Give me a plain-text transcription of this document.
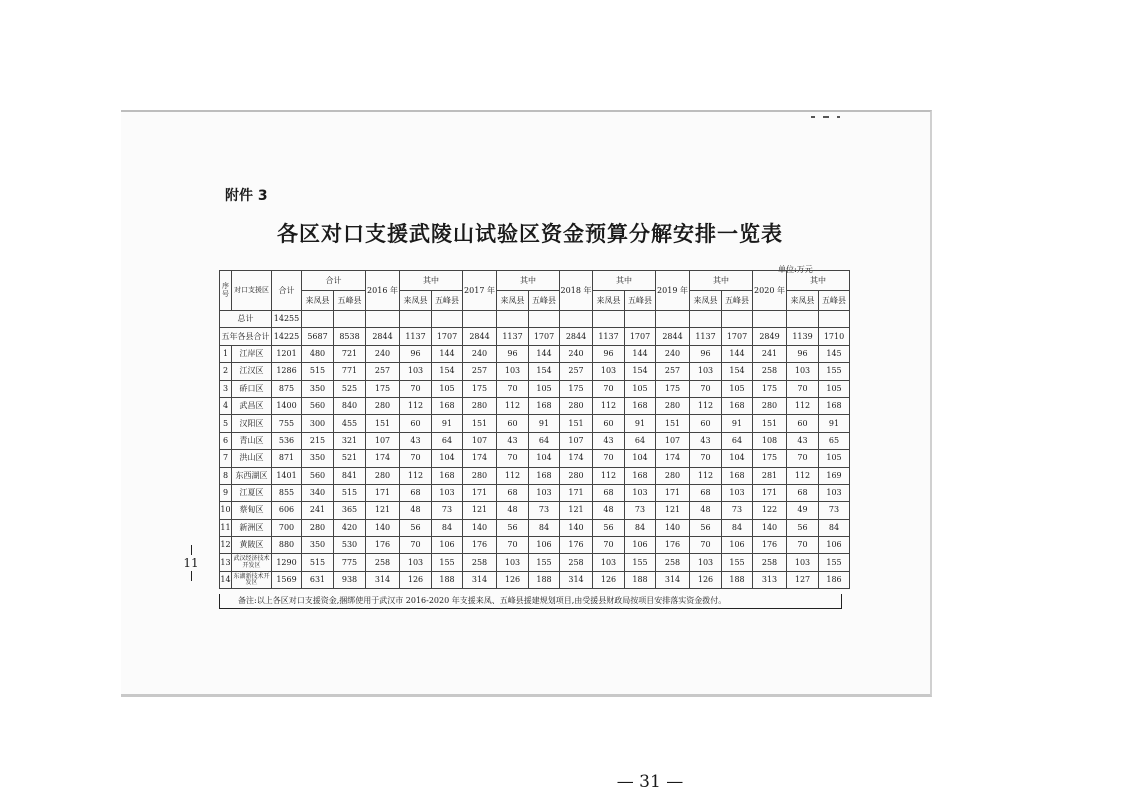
附件 3
各区对口支援武陵山试验区资金预算分解安排一览表
单位:万元
11
序号	对口支援区	合计	合计		2016 年	其中		2017 年	其中		2018 年	其中		2019 年	其中		2020 年	其中	
			来凤县	五峰县		来凤县	五峰县		来凤县	五峰县		来凤县	五峰县		来凤县	五峰县		来凤县	五峰县
总计		14255																	
五年各县合计		14225	5687	8538	2844	1137	1707	2844	1137	1707	2844	1137	1707	2844	1137	1707	2849	1139	1710
1	江岸区	1201	480	721	240	96	144	240	96	144	240	96	144	240	96	144	241	96	145
2	江汉区	1286	515	771	257	103	154	257	103	154	257	103	154	257	103	154	258	103	155
3	硚口区	875	350	525	175	70	105	175	70	105	175	70	105	175	70	105	175	70	105
4	武昌区	1400	560	840	280	112	168	280	112	168	280	112	168	280	112	168	280	112	168
5	汉阳区	755	300	455	151	60	91	151	60	91	151	60	91	151	60	91	151	60	91
6	青山区	536	215	321	107	43	64	107	43	64	107	43	64	107	43	64	108	43	65
7	洪山区	871	350	521	174	70	104	174	70	104	174	70	104	174	70	104	175	70	105
8	东西湖区	1401	560	841	280	112	168	280	112	168	280	112	168	280	112	168	281	112	169
9	江夏区	855	340	515	171	68	103	171	68	103	171	68	103	171	68	103	171	68	103
10	蔡甸区	606	241	365	121	48	73	121	48	73	121	48	73	121	48	73	122	49	73
11	新洲区	700	280	420	140	56	84	140	56	84	140	56	84	140	56	84	140	56	84
12	黄陂区	880	350	530	176	70	106	176	70	106	176	70	106	176	70	106	176	70	106
13	武汉经济技术开发区	1290	515	775	258	103	155	258	103	155	258	103	155	258	103	155	258	103	155
14	东湖新技术开发区	1569	631	938	314	126	188	314	126	188	314	126	188	314	126	188	313	127	186
备注:以上各区对口支援资金,捆绑使用于武汉市 2016-2020 年支援来凤、五峰县援建规划项目,由受援县财政局按项目安排落实资金拨付。
— 31 —
